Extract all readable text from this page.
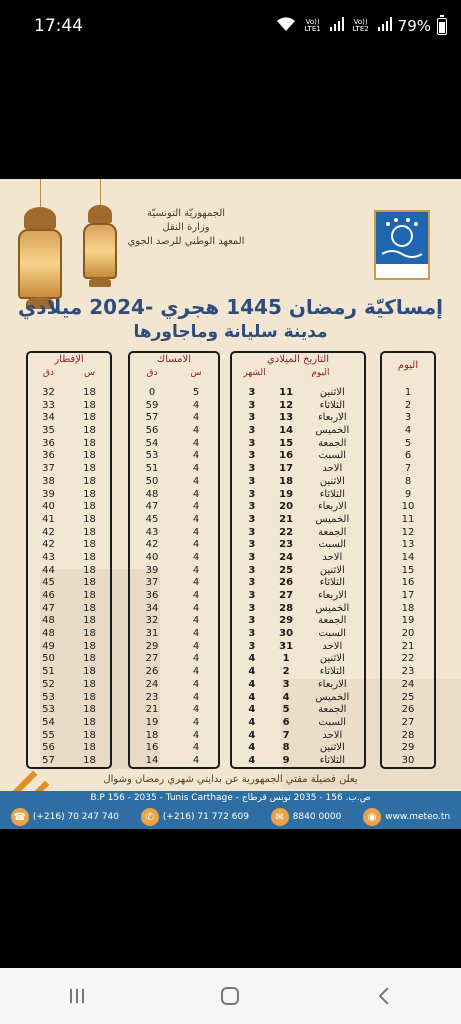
17:44	Vo)) LTE1
Vo)) LTE2 79%
الجمهوريّة التونسيّة
وزارة النقل
المعهد الوطني للرصد الجوي
إمساكيّة رمضان 1445 هجري -2024 ميلادي
مدينة سليانة وماجاورها
الإفطار
دق	س
32	18
33	18
34	18
35	18
36	18
36	18
37	18
38	18
39	18
40	18
41	18
42	18
42	18
43	18
44	18
45	18
46	18
47	18
48	18
48	18
49	18
50	18
51	18
52	18
53	18
53	18
54	18
55	18
56	18
57	18
الامساك
دق	س
0	5
59	4
57	4
56	4
54	4
53	4
51	4
50	4
48	4
47	4
45	4
43	4
42	4
40	4
39	4
37	4
36	4
34	4
32	4
31	4
29	4
27	4
26	4
24	4
23	4
21	4
19	4
18	4
16	4
14	4
التاريخ الميلادي
الشهر	اليوم
3	11	الاثنين
3	12	الثلاثاء
3	13	الاربعاء
3	14	الخميس
3	15	الجمعة
3	16	السبت
3	17	الاحد
3	18	الاثنين
3	19	الثلاثاء
3	20	الاربعاء
3	21	الخميس
3	22	الجمعة
3	23	السبت
3	24	الاحد
3	25	الاثنين
3	26	الثلاثاء
3	27	الاربعاء
3	28	الخميس
3	29	الجمعة
3	30	السبت
3	31	الاحد
4	1	الاثنين
4	2	الثلاثاء
4	3	الاربعاء
4	4	الخميس
4	5	الجمعة
4	6	السبت
4	7	الاحد
4	8	الاثنين
4	9	الثلاثاء
اليوم
1
2
3
4
5
6
7
8
9
10
11
12
13
14
15
16
17
18
19
20
21
22
23
24
25
26
27
28
29
30
يعلن فضيلة مفتي الجمهورية عن بدايتي شهري رمضان وشوال
B.P 156 - 2035 - Tunis Carthage - ص.ب. 156 - 2035 تونس قرطاج
☎ (+216) 70 247 740	✆ (+216) 71 772 609	✉ 8840 0000	◉ www.meteo.tn
